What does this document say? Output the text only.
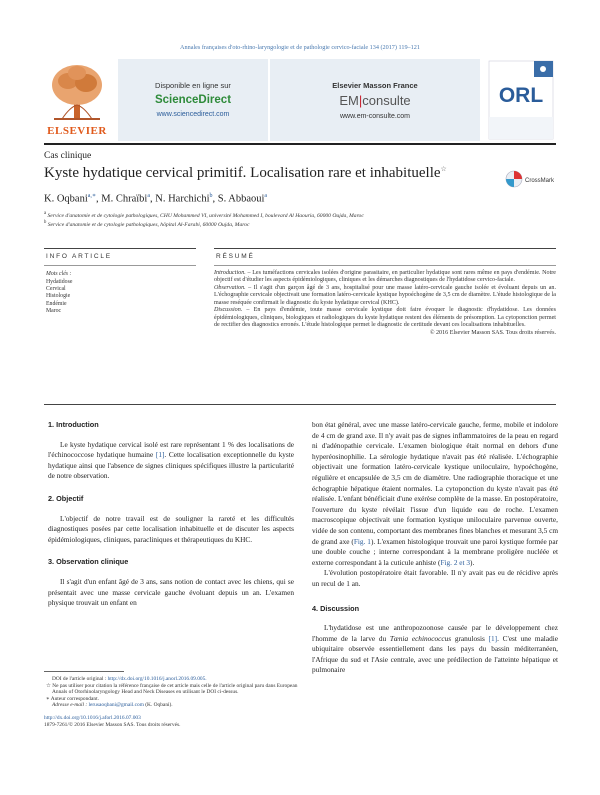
Annales françaises d'oto-rhino-laryngologie et de pathologie cervico-faciale 134 (2017) 119–121
ELSEVIER
Disponible en ligne sur
ScienceDirect
www.sciencedirect.com
Elsevier Masson France
EM|consulte
www.em-consulte.com
ORL
Cas clinique
Kyste hydatique cervical primitif. Localisation rare et inhabituelle☆
CrossMark
K. Oqbani$^{a,∗}$, M. Chraïbi$^a$, N. Harchichi$^b$, S. Abbaoui$^a$
$^a$ Service d'anatomie et de cytologie pathologiques, CHU Mohammed VI, université Mohammed I, boulevard Al Haouria, 60000 Oujda, Maroc
$^b$ Service d'anatomie et de cytologie pathologiques, hôpital Al-Farabi, 60000 Oujda, Maroc
INFO ARTICLE	RÉSUMÉ
Mots clés :
Hydatidose
Cervical
Histologie
Endémie
Maroc

Introduction. – Les tuméfactions cervicales isolées d'origine parasitaire, en particulier hydatique sont rares même en pays d'endémie. Notre objectif est d'étudier les aspects épidémiologiques, cliniques et les démarches diagnostiques de l'hydatidose cervico-faciale.

Observation. – Il s'agit d'un garçon âgé de 3 ans, hospitalisé pour une masse latéro-cervicale gauche isolée et évoluant depuis un an. L'échographie cervicale objectivait une formation latéro-cervicale kystique hypoéchogène de 3,5 cm de diamètre. L'étude histologique de la masse reséquée confirmait le diagnostic du kyste hydatique cervical (KHC).

Discussion. – En pays d'endémie, toute masse cervicale kystique doit faire évoquer le diagnostic d'hydatidose. Les données épidémiologiques, cliniques, biologiques et radiologiques du kyste hydatique restent des éléments de présomption. La cytoponction permet de rectifier des diagnostics erronés. L'étude histologique permet le diagnostic de certitude devant ces localisations inhabituelles.

© 2016 Elsevier Masson SAS. Tous droits réservés.

1. Introduction

Le kyste hydatique cervical isolé est rare représentant 1 % des localisations de l'échinococcose hydatique humaine [1]. Cette localisation exceptionnelle du kyste hydatique ainsi que l'absence de signes cliniques spécifiques illustre la particularité de notre observation.

2. Objectif

L'objectif de notre travail est de souligner la rareté et les difficultés diagnostiques posées par cette localisation inhabituelle et de discuter les aspects épidémiologiques, cliniques, paracliniques et thérapeutiques du KHC.

3. Observation clinique

Il s'agit d'un enfant âgé de 3 ans, sans notion de contact avec les chiens, qui se présentait avec une masse cervicale gauche évoluant depuis un an. L'examen physique trouvait un enfant en

DOI de l'article original : http://dx.doi.org/10.1016/j.anorl.2016.09.005.
☆ Ne pas utiliser pour citation la référence française de cet article mais celle de l'article original paru dans European Annals of Otorhinolaryngology Head and Neck Diseases en utilisant le DOI ci-dessus.
∗ Auteur correspondant.
Adresse e-mail : lerusaoqbani@gmail.com (K. Oqbani).
http://dx.doi.org/10.1016/j.aforl.2016.07.003
1879-7261/© 2016 Elsevier Masson SAS. Tous droits réservés.

bon état général, avec une masse latéro-cervicale gauche, ferme, mobile et indolore de 4 cm de grand axe. Il n'y avait pas de signes inflammatoires de la peau en regard ni d'adénopathie cervicale. L'examen biologique était normal en dehors d'une hyperéosinophilie. La sérologie hydatique n'avait pas été réalisée. L'échographie objectivait une formation latéro-cervicale kystique uniloculaire, hypoéchogène, régulière et encapsulée de 3,5 cm de diamètre. Une radiographie thoracique et une échographie hépatique étaient normales. La cytoponction du kyste n'avait pas été réalisée. L'enfant bénéficiait d'une exérèse complète de la masse. En postopératoire, l'ouverture du kyste révélait l'issue d'un liquide eau de roche. L'examen macroscopique objectivait une formation kystique uniloculaire parvenue ouverte, vidée de son contenu, comportant des membranes fines blanches et mesurant 3,5 cm de grand axe (Fig. 1). L'examen histologique trouvait une paroi kystique formée par une double couche ; interne correspondant à la membrane proligère nucléée et externe correspondant à la cuticule anhiste (Fig. 2 et 3).

L'évolution postopératoire était favorable. Il n'y avait pas eu de récidive après un recul de 1 an.

4. Discussion

L'hydatidose est une anthropozoonose causée par le développement chez l'homme de la larve du Tænia echinococcus granulosis [1]. C'est une maladie ubiquitaire observée essentiellement dans les pays du bassin méditerranéen, l'Afrique du sud et l'Asie centrale, avec une prédilection de l'atteinte hépatique et pulmonaire
